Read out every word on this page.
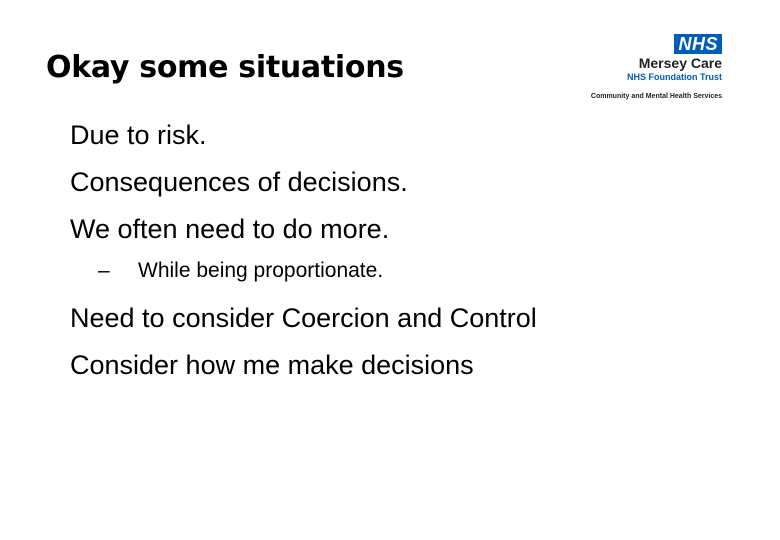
Okay some situations
NHS
Mersey Care
NHS Foundation Trust
Community and Mental Health Services
Due to risk.
Consequences of decisions.
We often need to do more.
– While being proportionate.
Need to consider Coercion and Control
Consider how me make decisions
